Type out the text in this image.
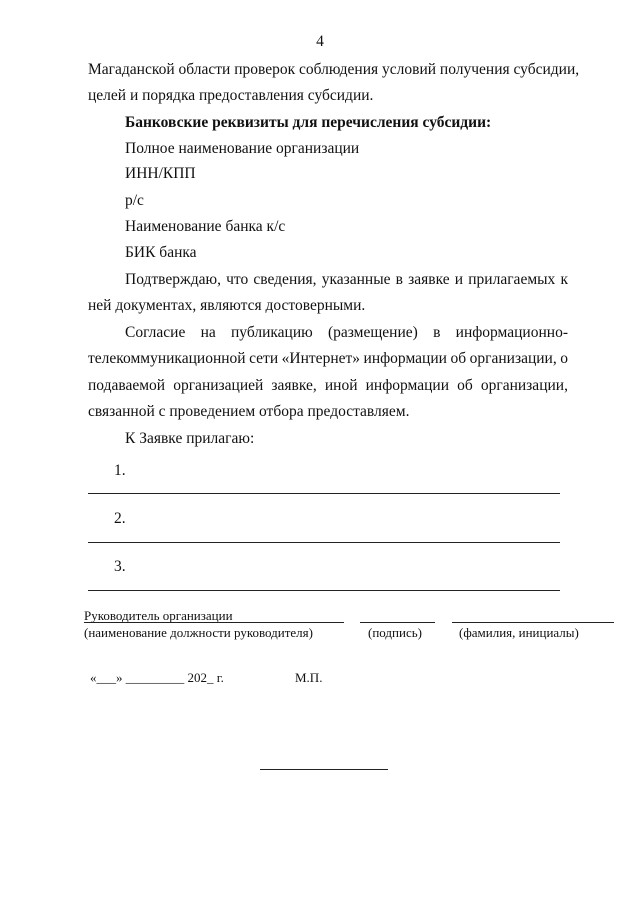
4
Магаданской области проверок соблюдения условий получения субсидии,
целей и порядка предоставления субсидии.
Банковские реквизиты для перечисления субсидии:
Полное наименование организации
ИНН/КПП
р/с
Наименование банка к/с
БИК банка
Подтверждаю, что сведения, указанные в заявке и прилагаемых к
ней документах, являются достоверными.
Согласие на публикацию (размещение) в информационно-
телекоммуникационной сети «Интернет» информации об организации, о
подаваемой организацией заявке, иной информации об организации,
связанной с проведением отбора предоставляем.
К Заявке прилагаю:
1.
2.
3.
Руководитель организации
(наименование должности руководителя)	(подпись)	(фамилия, инициалы)
«___» _________ 202_ г.	М.П.
